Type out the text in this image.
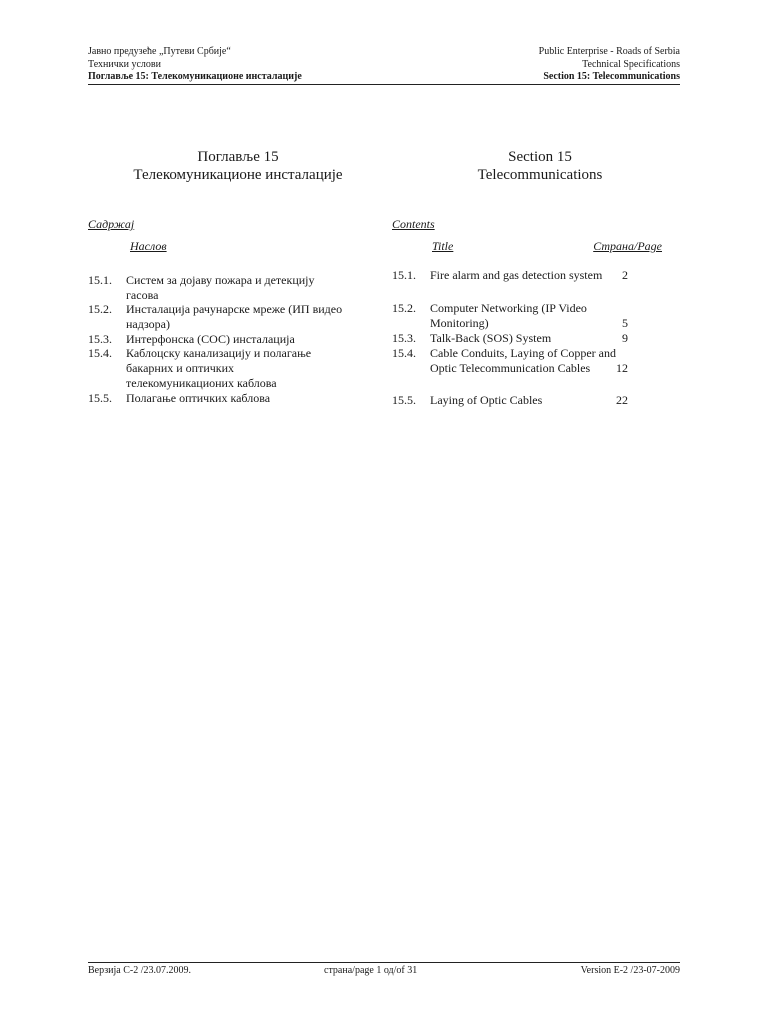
Јавно предузеће „Путеви Србије“
Технички услови
Поглавље 15: Телекомуникационе инсталације
Public Enterprise - Roads of Serbia
Technical Specifications
Section 15: Telecommunications
Поглавље 15
Телекомуникационе инсталације
Section 15
Telecommunications
Садржај
Наслов
15.1. Систем за дојаву пожара и детекцију гасова
15.2. Инсталација рачунарске мреже (ИП видео надзора)
15.3. Интерфонска (СОС) инсталација
15.4. Каблоцску канализацију и полагање бакарних и оптичких телекомуникационих каблова
15.5. Полагање оптичких каблова
Contents
Title	Страна/Page
15.1. Fire alarm and gas detection system	2
15.2. Computer Networking (IP Video Monitoring)	5
15.3. Talk-Back (SOS) System	9
15.4. Cable Conduits, Laying of Copper and Optic Telecommunication Cables	12
15.5. Laying of Optic Cables	22
Верзија С-2 /23.07.2009.	страна/page 1 од/of 31	Version E-2 /23-07-2009
